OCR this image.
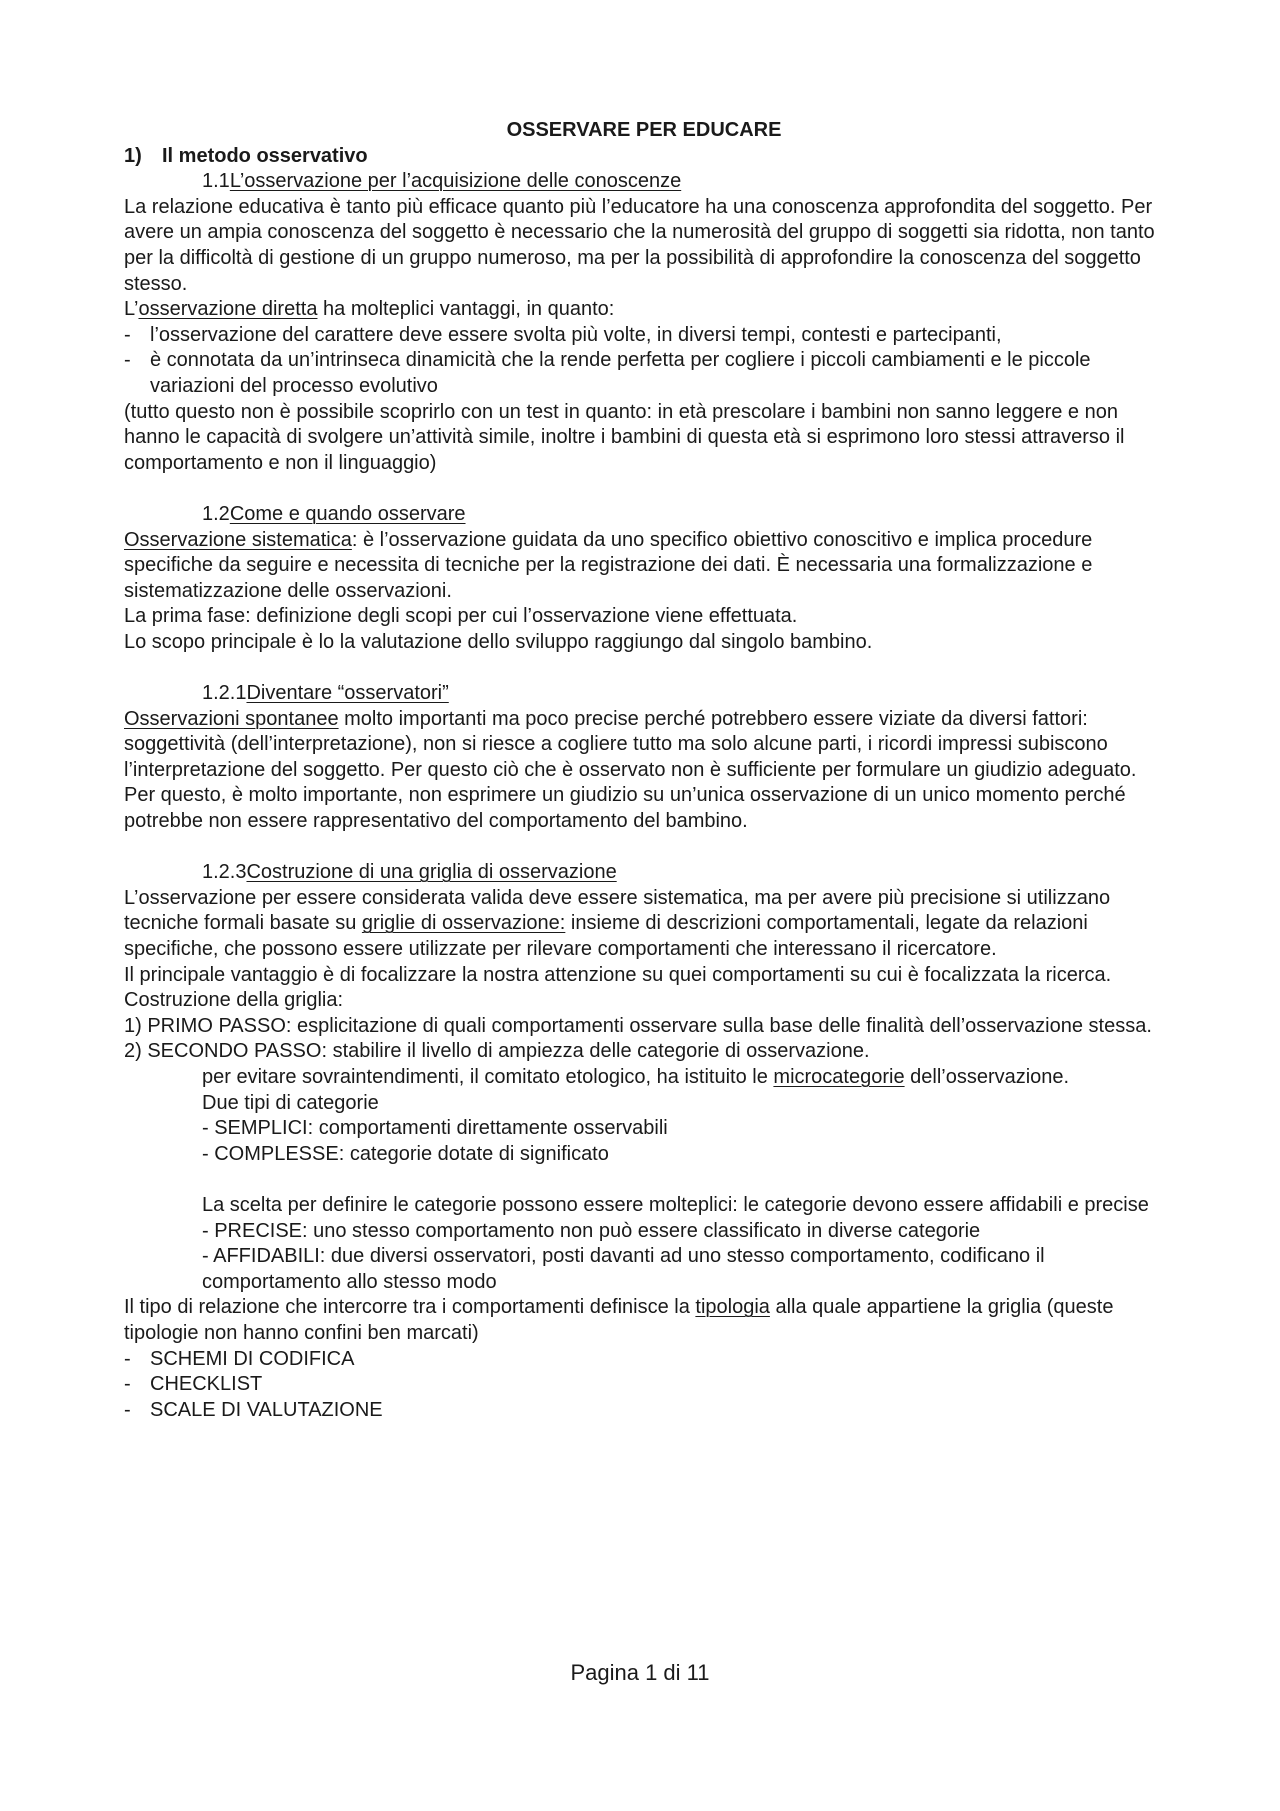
OSSERVARE PER EDUCARE

1) Il metodo osservativo

1.1L’osservazione per l’acquisizione delle conoscenze

La relazione educativa è tanto più efficace quanto più l’educatore ha una conoscenza approfondita del soggetto. Per avere un ampia conoscenza del soggetto è necessario che la numerosità del gruppo di soggetti sia ridotta, non tanto per la difficoltà di gestione di un gruppo numeroso, ma per la possibilità di approfondire la conoscenza del soggetto stesso.

L’osservazione diretta ha molteplici vantaggi, in quanto:

- l’osservazione del carattere deve essere svolta più volte, in diversi tempi, contesti e partecipanti,
- è connotata da un’intrinseca dinamicità che la rende perfetta per cogliere i piccoli cambiamenti e le piccole variazioni del processo evolutivo

(tutto questo non è possibile scoprirlo con un test in quanto: in età prescolare i bambini non sanno leggere e non hanno le capacità di svolgere un’attività simile, inoltre i bambini di questa età si esprimono loro stessi attraverso il comportamento e non il linguaggio)

1.2Come e quando osservare

Osservazione sistematica: è l’osservazione guidata da uno specifico obiettivo conoscitivo e implica procedure specifiche da seguire e necessita di tecniche per la registrazione dei dati. È necessaria una formalizzazione e sistematizzazione delle osservazioni.

La prima fase: definizione degli scopi per cui l’osservazione viene effettuata.

Lo scopo principale è lo la valutazione dello sviluppo raggiungo dal singolo bambino.

1.2.1Diventare “osservatori”

Osservazioni spontanee molto importanti ma poco precise perché potrebbero essere viziate da diversi fattori: soggettività (dell’interpretazione), non si riesce a cogliere tutto ma solo alcune parti, i ricordi impressi subiscono l’interpretazione del soggetto. Per questo ciò che è osservato non è sufficiente per formulare un giudizio adeguato.

Per questo, è molto importante, non esprimere un giudizio su un’unica osservazione di un unico momento perché potrebbe non essere rappresentativo del comportamento del bambino.

1.2.3Costruzione di una griglia di osservazione

L’osservazione per essere considerata valida deve essere sistematica, ma per avere più precisione si utilizzano tecniche formali basate su griglie di osservazione: insieme di descrizioni comportamentali, legate da relazioni specifiche, che possono essere utilizzate per rilevare comportamenti che interessano il ricercatore.

Il principale vantaggio è di focalizzare la nostra attenzione su quei comportamenti su cui è focalizzata la ricerca.

Costruzione della griglia:

1) PRIMO PASSO: esplicitazione di quali comportamenti osservare sulla base delle finalità dell’osservazione stessa.

2) SECONDO PASSO: stabilire il livello di ampiezza delle categorie di osservazione.

per evitare sovraintendimenti, il comitato etologico, ha istituito le microcategorie dell’osservazione.

Due tipi di categorie

- SEMPLICI: comportamenti direttamente osservabili

- COMPLESSE: categorie dotate di significato

La scelta per definire le categorie possono essere molteplici: le categorie devono essere affidabili e precise

- PRECISE: uno stesso comportamento non può essere classificato in diverse categorie

- AFFIDABILI: due diversi osservatori, posti davanti ad uno stesso comportamento, codificano il comportamento allo stesso modo

Il tipo di relazione che intercorre tra i comportamenti definisce la tipologia alla quale appartiene la griglia (queste tipologie non hanno confini ben marcati)

- SCHEMI DI CODIFICA
- CHECKLIST
- SCALE DI VALUTAZIONE
Pagina 1 di 11
